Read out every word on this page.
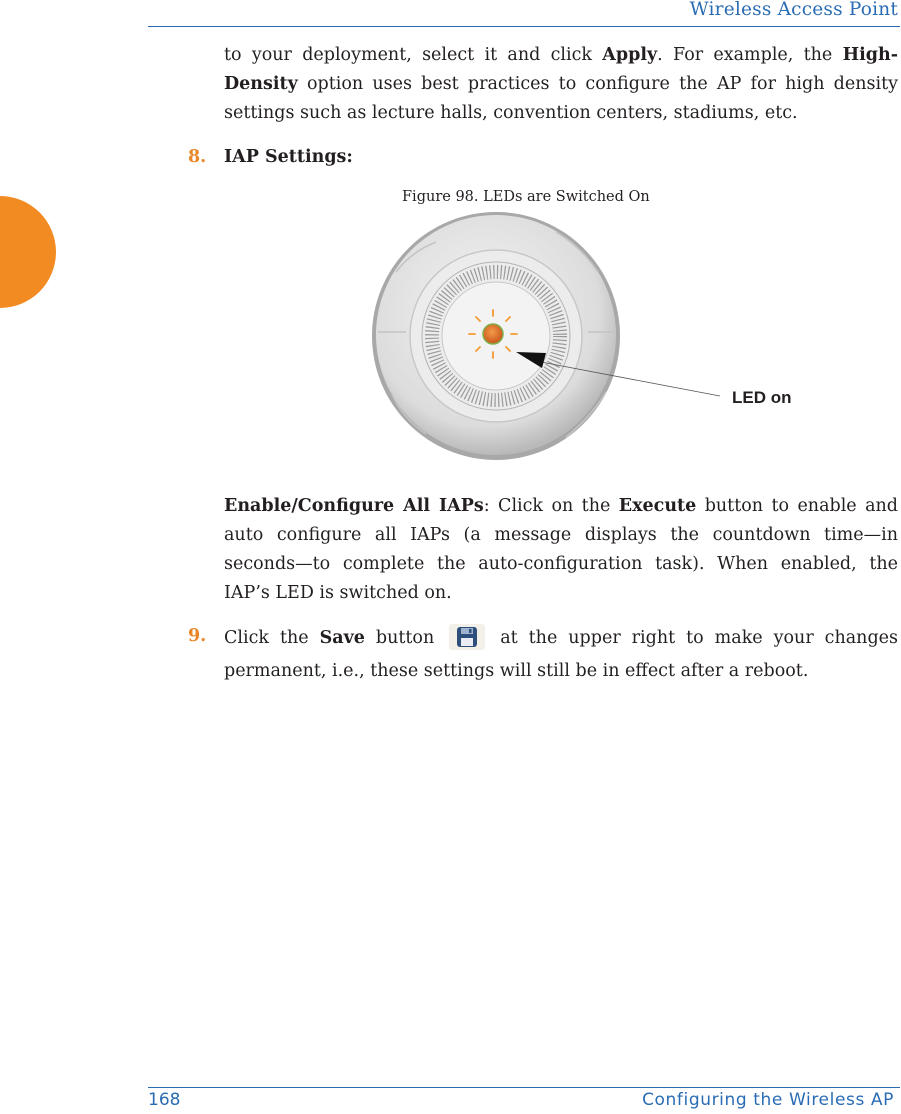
Wireless Access Point

to your deployment, select it and click Apply. For example, the High-Density option uses best practices to configure the AP for high density settings such as lecture halls, convention centers, stadiums, etc.

8. IAP Settings:
Figure 98. LEDs are Switched On
LED on

Enable/Configure All IAPs: Click on the Execute button to enable and auto configure all IAPs (a message displays the countdown time—in seconds—to complete the auto-configuration task). When enabled, the IAP’s LED is switched on.

9. Click the Save button	at the upper right to make your changes permanent, i.e., these settings will still be in effect after a reboot.

168	Configuring the Wireless AP
